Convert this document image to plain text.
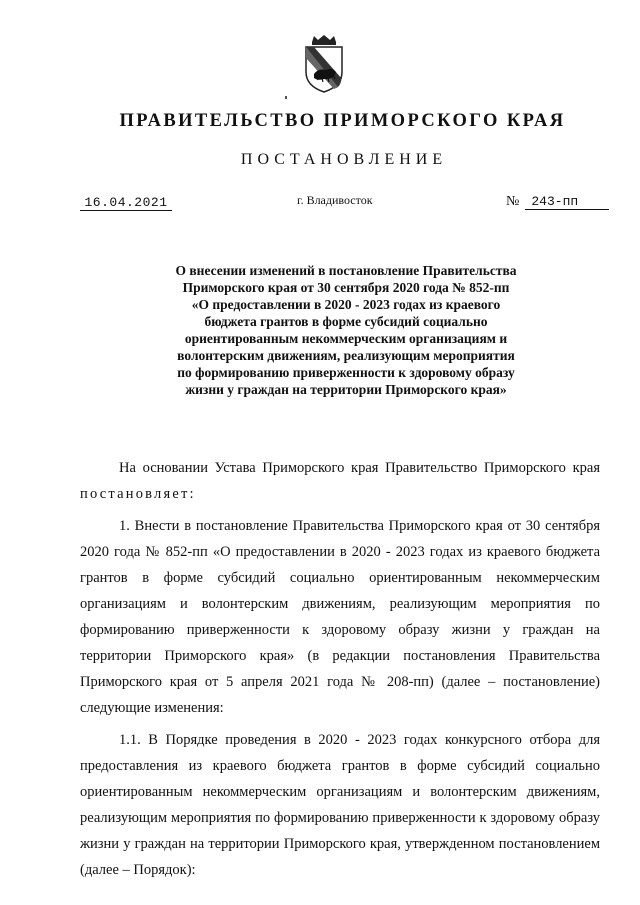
ПРАВИТЕЛЬСТВО ПРИМОРСКОГО КРАЯ
ПОСТАНОВЛЕНИЕ
16.04.2021	г. Владивосток	№ 243-пп
О внесении изменений в постановление Правительства
Приморского края от 30 сентября 2020 года № 852-пп
«О предоставлении в 2020 - 2023 годах из краевого
бюджета грантов в форме субсидий социально
ориентированным некоммерческим организациям и
волонтерским движениям, реализующим мероприятия
по формированию приверженности к здоровому образу
жизни у граждан на территории Приморского края»

На основании Устава Приморского края Правительство Приморского края постановляет:

1. Внести в постановление Правительства Приморского края от 30 сентября 2020 года № 852-пп «О предоставлении в 2020 - 2023 годах из краевого бюджета грантов в форме субсидий социально ориентированным некоммерческим организациям и волонтерским движениям, реализующим мероприятия по формированию приверженности к здоровому образу жизни у граждан на территории Приморского края» (в редакции постановления Правительства Приморского края от 5 апреля 2021 года № 208-пп) (далее – постановление) следующие изменения:

1.1. В Порядке проведения в 2020 - 2023 годах конкурсного отбора для предоставления из краевого бюджета грантов в форме субсидий социально ориентированным некоммерческим организациям и волонтерским движениям, реализующим мероприятия по формированию приверженности к здоровому образу жизни у граждан на территории Приморского края, утвержденном постановлением (далее – Порядок):
